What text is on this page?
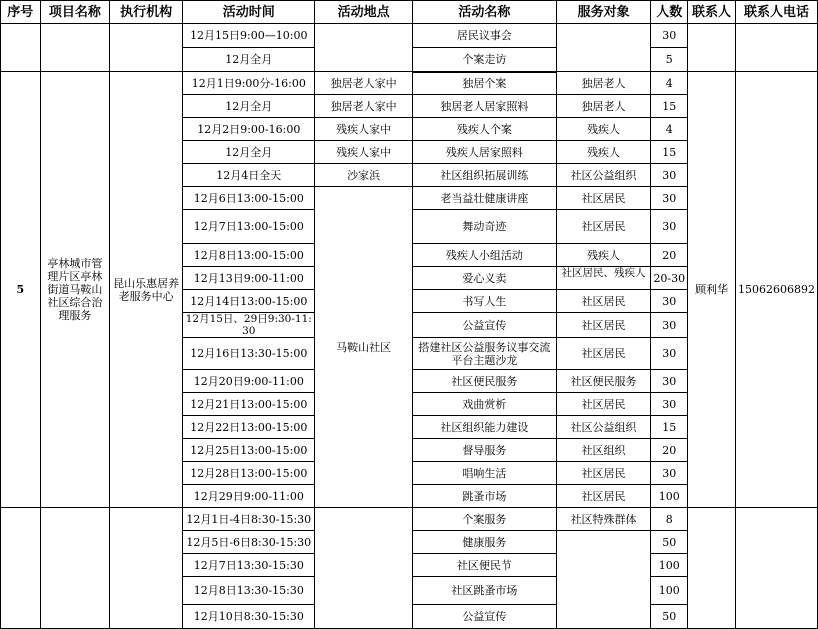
序号	项目名称	执行机构	活动时间	活动地点	活动名称	服务对象	人数	联系人	联系人电话
			12月15日9:00—10:00		居民议事会		30		
			12月全月		个案走访		5		
5	亭林城市管理片区亭林街道马鞍山社区综合治理服务	昆山乐惠居养老服务中心	12月1日9:00分-16:00	独居老人家中	独居个案	独居老人	4	顾利华	15062606892
			12月全月	独居老人家中	独居老人居家照料	独居老人	15		
			12月2日9:00-16:00	残疾人家中	残疾人个案	残疾人	4		
			12月全月	残疾人家中	残疾人居家照料	残疾人	15		
			12月4日全天	沙家浜	社区组织拓展训练	社区公益组织	30		
			12月6日13:00-15:00	马鞍山社区	老当益壮健康讲座	社区居民	30		
			12月7日13:00-15:00		舞动奇迹	社区居民	30		
			12月8日13:00-15:00		残疾人小组活动	残疾人	20		
			12月13日9:00-11:00		爱心义卖	社区居民、残疾人	20-30		
			12月14日13:00-15:00		书写人生	社区居民	30		
			12月15日、29日9:30-11:30		公益宣传	社区居民	30		
			12月16日13:30-15:00		搭建社区公益服务议事交流平台主题沙龙	社区居民	30		
			12月20日9:00-11:00		社区便民服务	社区便民服务	30		
			12月21日13:00-15:00		戏曲赏析	社区居民	30		
			12月22日13:00-15:00		社区组织能力建设	社区公益组织	15		
			12月25日13:00-15:00		督导服务	社区组织	20		
			12月28日13:00-15:00		唱响生活	社区居民	30		
			12月29日9:00-11:00		跳蚤市场	社区居民	100		
			12月1日-4日8:30-15:30		个案服务	社区特殊群体	8		
			12月5日-6日8:30-15:30		健康服务		50		
			12月7日13:30-15:30		社区便民节		100		
			12月8日13:30-15:30		社区跳蚤市场		100		
			12月10日8:30-15:30		公益宣传		50		
